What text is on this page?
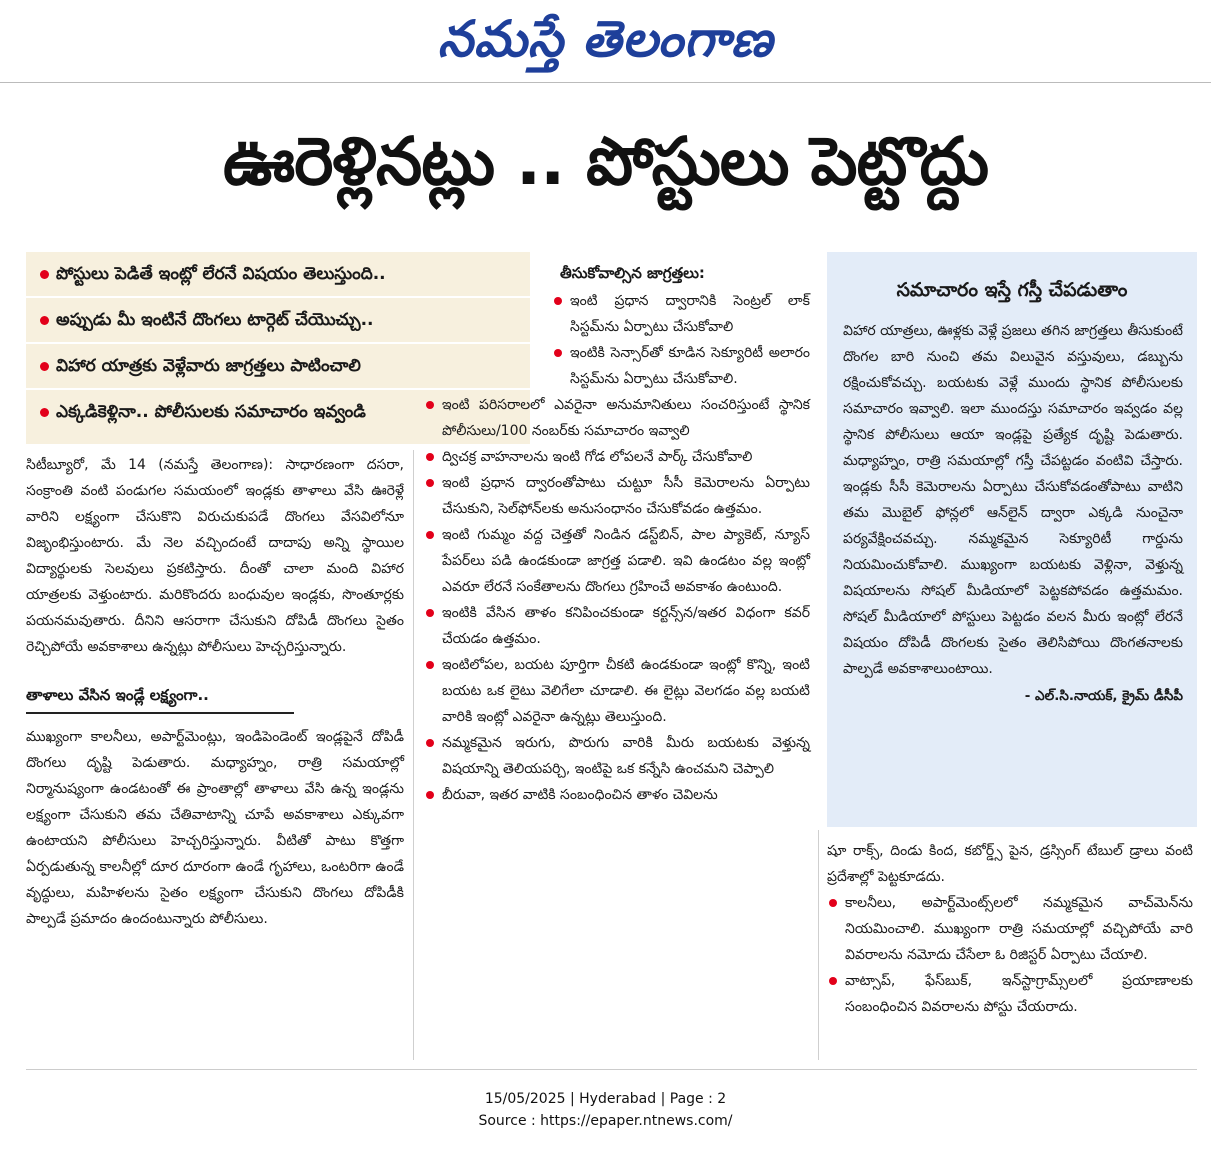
నమస్తే తెలంగాణ
ఊరెళ్లినట్లు .. పోస్టులు పెట్టొద్దు
పోస్టులు పెడితే ఇంట్లో లేరనే విషయం తెలుస్తుంది..
అప్పుడు మీ ఇంటినే దొంగలు టార్గెట్ చేయొచ్చు..
విహార యాత్రకు వెళ్లేవారు జాగ్రత్తలు పాటించాలి
ఎక్కడికెళ్లినా.. పోలీసులకు సమాచారం ఇవ్వండి

సిటీబ్యూరో, మే 14 (నమస్తే తెలంగాణ): సాధారణంగా దసరా, సంక్రాంతి వంటి పండుగల సమయంలో ఇండ్లకు తాళాలు వేసి ఊరెళ్లే వారిని లక్ష్యంగా చేసుకొని విరుచుకుపడే దొంగలు వేసవిలోనూ విజృంభిస్తుంటారు. మే నెల వచ్చిందంటే దాదాపు అన్ని స్థాయిల విద్యార్థులకు సెలవులు ప్రకటిస్తారు. దీంతో చాలా మంది విహార యాత్రలకు వెళ్తుంటారు. మరికొందరు బంధువుల ఇండ్లకు, సొంతూర్లకు పయనమవుతారు. దీనిని ఆసరాగా చేసుకుని దోపిడీ దొంగలు సైతం రెచ్చిపోయే అవకాశాలు ఉన్నట్లు పోలీసులు హెచ్చరిస్తున్నారు.

తాళాలు వేసిన ఇండ్లే లక్ష్యంగా..

ముఖ్యంగా కాలనీలు, అపార్ట్‌మెంట్లు, ఇండిపెండెంట్ ఇండ్లపైనే దోపిడీ దొంగలు దృష్టి పెడుతారు. మధ్యాహ్నం, రాత్రి సమయాల్లో నిర్మానుష్యంగా ఉండటంతో ఈ ప్రాంతాల్లో తాళాలు వేసి ఉన్న ఇండ్లను లక్ష్యంగా చేసుకుని తమ చేతివాటాన్ని చూపే అవకాశాలు ఎక్కువగా ఉంటాయని పోలీసులు హెచ్చరిస్తున్నారు. వీటితో పాటు కొత్తగా ఏర్పడుతున్న కాలనీల్లో దూర దూరంగా ఉండే గృహాలు, ఒంటరిగా ఉండే వృద్ధులు, మహిళలను సైతం లక్ష్యంగా చేసుకుని దొంగలు దోపిడీకి పాల్పడే ప్రమాదం ఉందంటున్నారు పోలీసులు.

తీసుకోవాల్సిన జాగ్రత్తలు:

ఇంటి ప్రధాన ద్వారానికి సెంట్రల్ లాక్ సిస్టమ్‌ను ఏర్పాటు చేసుకోవాలి
ఇంటికి సెన్సార్‌తో కూడిన సెక్యూరిటీ అలారం సిస్టమ్‌ను ఏర్పాటు చేసుకోవాలి.
ఇంటి పరిసరాలలో ఎవరైనా అనుమానితులు సంచరిస్తుంటే స్థానిక పోలీసులు/100 నంబర్‌కు సమాచారం ఇవ్వాలి
ద్విచక్ర వాహనాలను ఇంటి గోడ లోపలనే పార్క్ చేసుకోవాలి
ఇంటి ప్రధాన ద్వారంతోపాటు చుట్టూ సీసీ కెమెరాలను ఏర్పాటు చేసుకుని, సెల్‌ఫోన్‌లకు అనుసంధానం చేసుకోవడం ఉత్తమం.
ఇంటి గుమ్మం వద్ద చెత్తతో నిండిన డస్ట్‌బిన్, పాల ప్యాకెట్, న్యూస్ పేపర్‌లు పడి ఉండకుండా జాగ్రత్త పడాలి. ఇవి ఉండటం వల్ల ఇంట్లో ఎవరూ లేరనే సంకేతాలను దొంగలు గ్రహించే అవకాశం ఉంటుంది.
ఇంటికి వేసిన తాళం కనిపించకుండా కర్టన్స్‌న/ఇతర విధంగా కవర్ చేయడం ఉత్తమం.
ఇంటిలోపల, బయట పూర్తిగా చీకటి ఉండకుండా ఇంట్లో కొన్ని, ఇంటి బయట ఒక లైటు వెలిగేలా చూడాలి. ఈ లైట్లు వెలగడం వల్ల బయటి వారికి ఇంట్లో ఎవరైనా ఉన్నట్లు తెలుస్తుంది.
నమ్మకమైన ఇరుగు, పొరుగు వారికి మీరు బయటకు వెళ్తున్న విషయాన్ని తెలియపర్చి, ఇంటిపై ఒక కన్నేసి ఉంచమని చెప్పాలి
బీరువా, ఇతర వాటికి సంబంధించిన తాళం చెవిలను

సమాచారం ఇస్తే గస్తీ చేపడుతాం

విహార యాత్రలు, ఊళ్లకు వెళ్లే ప్రజలు తగిన జాగ్రత్తలు తీసుకుంటే దొంగల బారి నుంచి తమ విలువైన వస్తువులు, డబ్బును రక్షించుకోవచ్చు. బయటకు వెళ్లే ముందు స్థానిక పోలీసులకు సమాచారం ఇవ్వాలి. ఇలా ముందస్తు సమాచారం ఇవ్వడం వల్ల స్థానిక పోలీసులు ఆయా ఇండ్లపై ప్రత్యేక దృష్టి పెడుతారు. మధ్యాహ్నం, రాత్రి సమయాల్లో గస్తీ చేపట్టడం వంటివి చేస్తారు. ఇండ్లకు సీసీ కెమెరాలను ఏర్పాటు చేసుకోవడంతోపాటు వాటిని తమ మొబైల్ ఫోన్లలో ఆన్‌లైన్ ద్వారా ఎక్కడి నుంచైనా పర్యవేక్షించవచ్చు. నమ్మకమైన సెక్యూరిటీ గార్డును నియమించుకోవాలి. ముఖ్యంగా బయటకు వెళ్లినా, వెళ్తున్న విషయాలను సోషల్ మీడియాలో పెట్టకపోవడం ఉత్తమమం. సోషల్ మీడియాలో పోస్టులు పెట్టడం వలన మీరు ఇంట్లో లేరనే విషయం దోపిడీ దొంగలకు సైతం తెలిసిపోయి దొంగతనాలకు పాల్పడే అవకాశాలుంటాయి.

- ఎల్.సి.నాయక్, క్రైమ్ డీసీపీ

షూ రాక్స్, దిండు కింద, కబోర్డ్స్ పైన, డ్రస్సింగ్ టేబుల్ డ్రాలు వంటి ప్రదేశాల్లో పెట్టకూడదు.

కాలనీలు, అపార్ట్‌మెంట్స్‌లలో నమ్మకమైన వాచ్‌మెన్‌ను నియమించాలి. ముఖ్యంగా రాత్రి సమయాల్లో వచ్చిపోయే వారి వివరాలను నమోదు చేసేలా ఓ రిజిస్టర్ ఏర్పాటు చేయాలి.
వాట్సాప్, ఫేస్‌బుక్, ఇన్‌స్టాగ్రామ్స్‌లలో ప్రయాణాలకు సంబంధించిన వివరాలను పోస్టు చేయరాదు.
15/05/2025 | Hyderabad | Page : 2
Source : https://epaper.ntnews.com/
